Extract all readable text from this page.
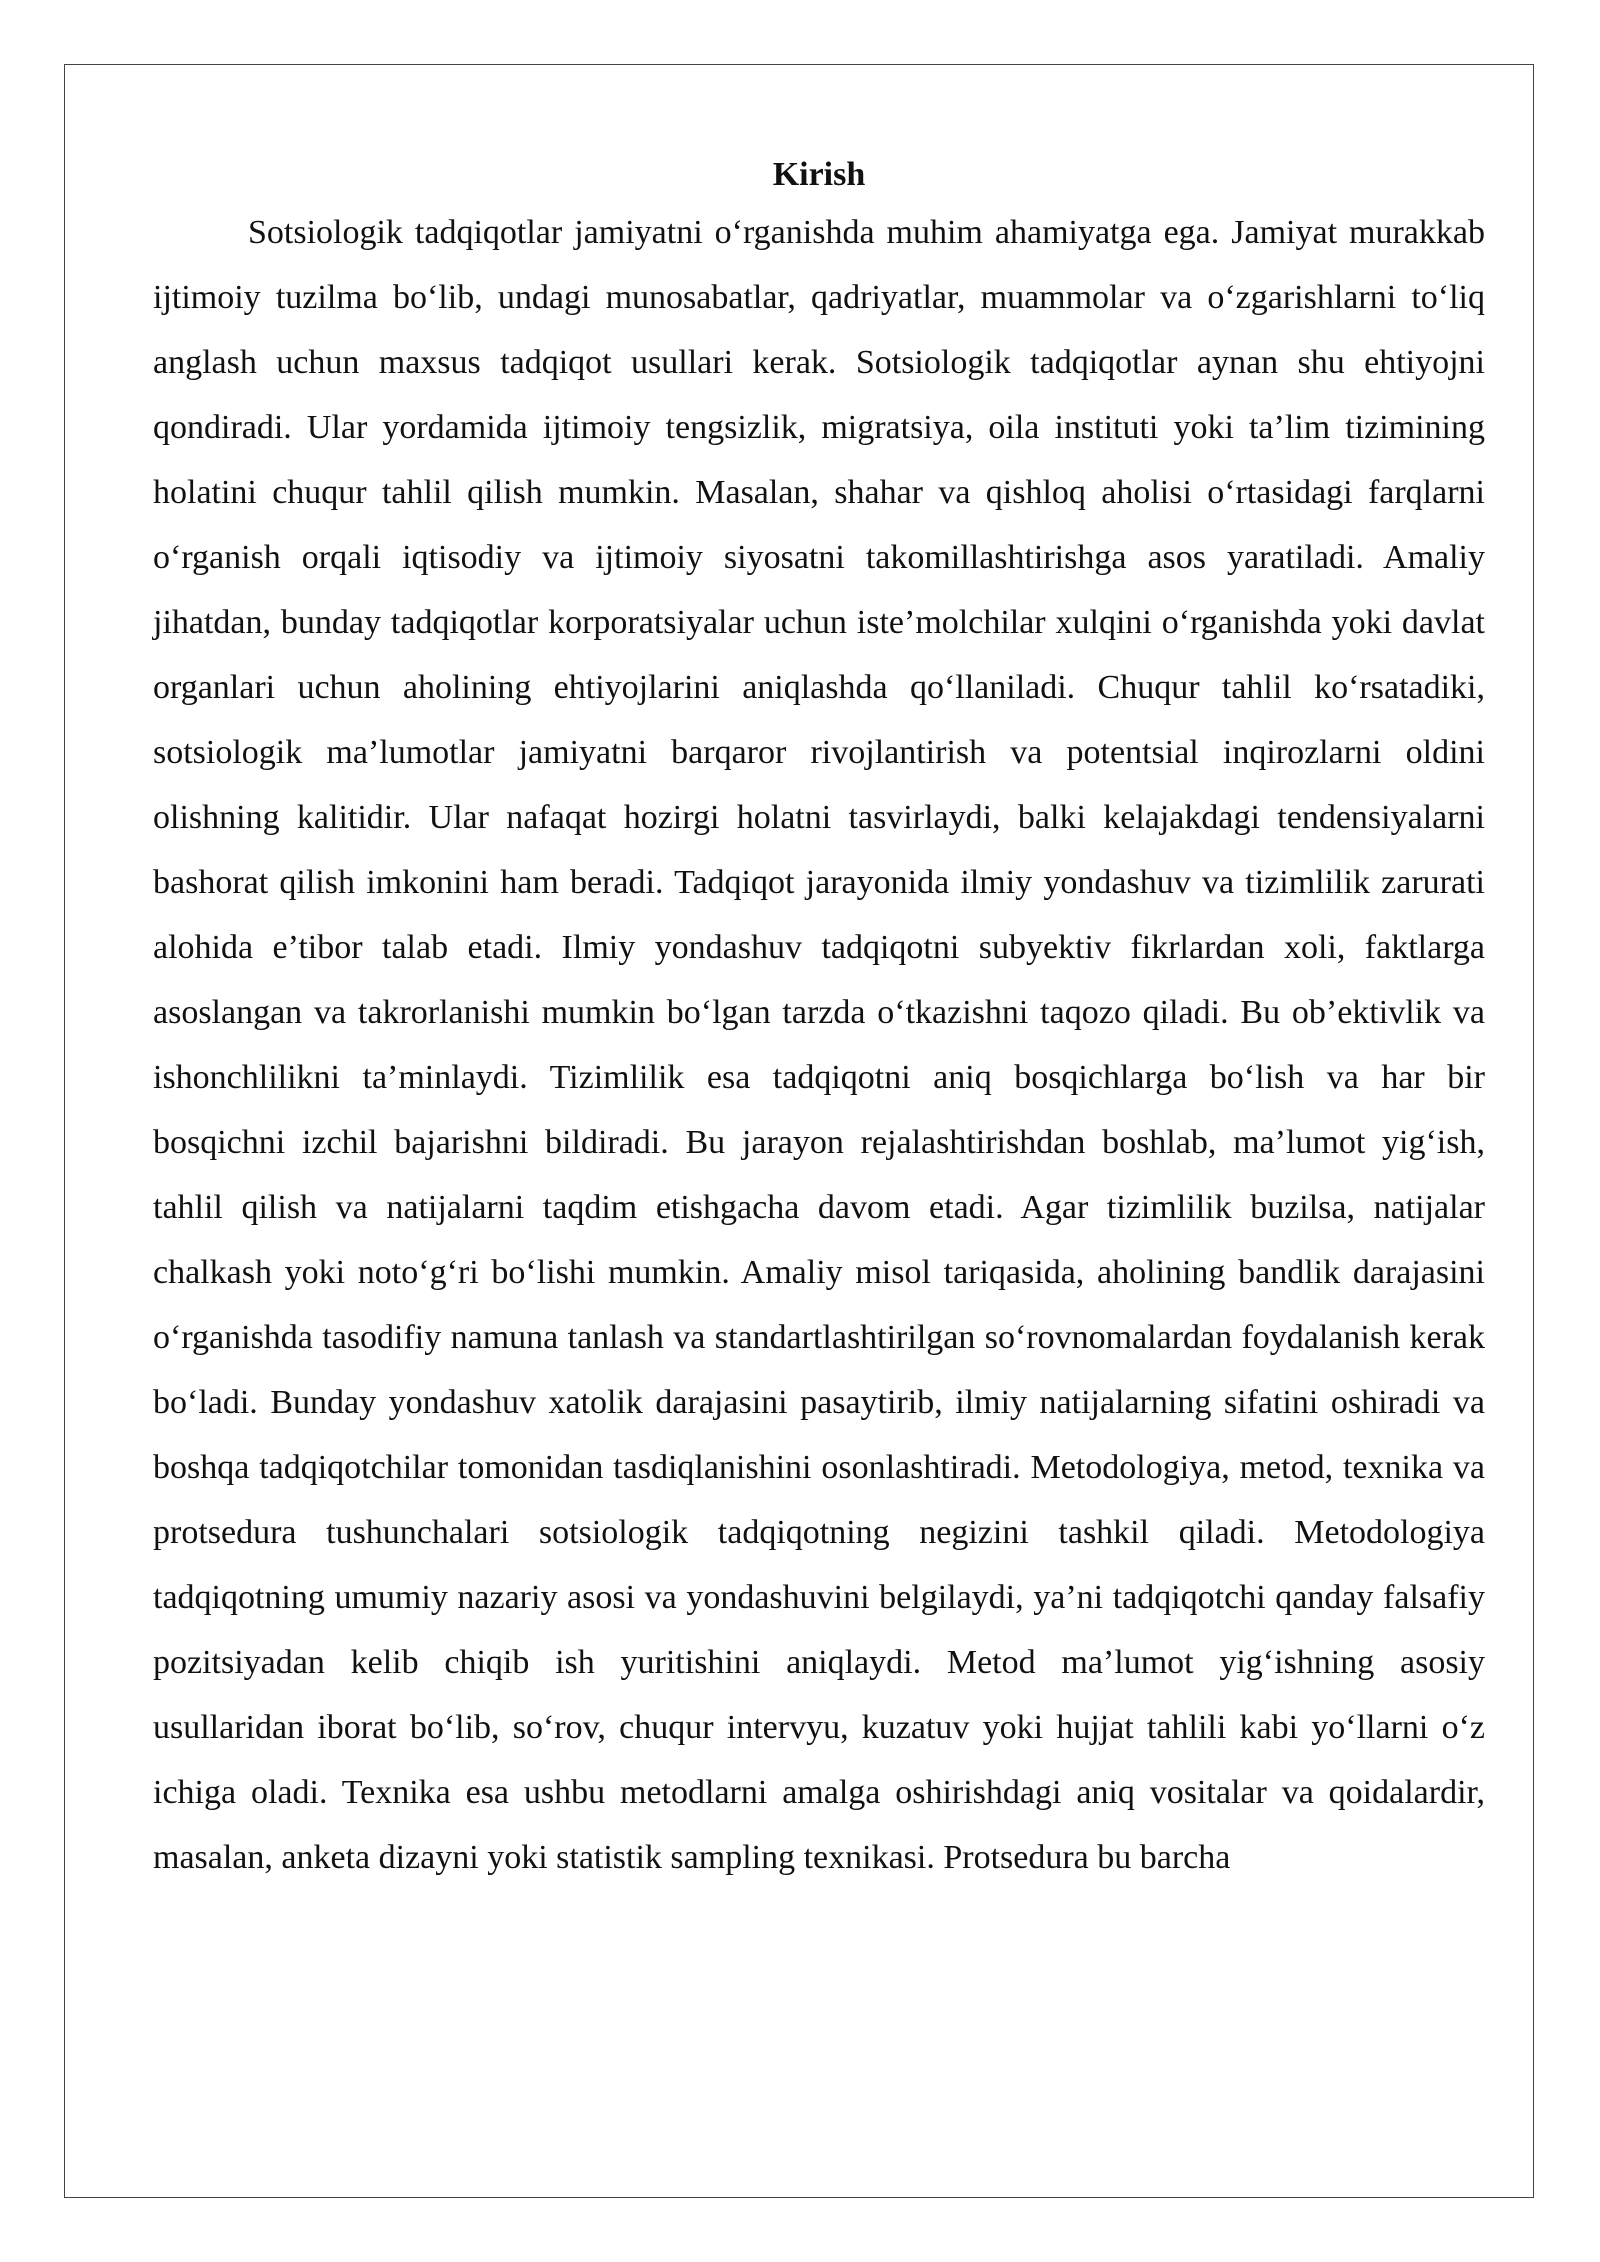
Kirish

Sotsiologik tadqiqotlar jamiyatni o‘rganishda muhim ahamiyatga ega. Jamiyat murakkab ijtimoiy tuzilma bo‘lib, undagi munosabatlar, qadriyatlar, muammolar va o‘zgarishlarni to‘liq anglash uchun maxsus tadqiqot usullari kerak. Sotsiologik tadqiqotlar aynan shu ehtiyojni qondiradi. Ular yordamida ijtimoiy tengsizlik, migratsiya, oila instituti yoki ta’lim tizimining holatini chuqur tahlil qilish mumkin. Masalan, shahar va qishloq aholisi o‘rtasidagi farqlarni o‘rganish orqali iqtisodiy va ijtimoiy siyosatni takomillashtirishga asos yaratiladi. Amaliy jihatdan, bunday tadqiqotlar korporatsiyalar uchun iste’molchilar xulqini o‘rganishda yoki davlat organlari uchun aholining ehtiyojlarini aniqlashda qo‘llaniladi. Chuqur tahlil ko‘rsatadiki, sotsiologik ma’lumotlar jamiyatni barqaror rivojlantirish va potentsial inqirozlarni oldini olishning kalitidir. Ular nafaqat hozirgi holatni tasvirlaydi, balki kelajakdagi tendensiyalarni bashorat qilish imkonini ham beradi. Tadqiqot jarayonida ilmiy yondashuv va tizimlilik zarurati alohida e’tibor talab etadi. Ilmiy yondashuv tadqiqotni subyektiv fikrlardan xoli, faktlarga asoslangan va takrorlanishi mumkin bo‘lgan tarzda o‘tkazishni taqozo qiladi. Bu ob’ektivlik va ishonchlilikni ta’minlaydi. Tizimlilik esa tadqiqotni aniq bosqichlarga bo‘lish va har bir bosqichni izchil bajarishni bildiradi. Bu jarayon rejalashtirishdan boshlab, ma’lumot yig‘ish, tahlil qilish va natijalarni taqdim etishgacha davom etadi. Agar tizimlilik buzilsa, natijalar chalkash yoki noto‘g‘ri bo‘lishi mumkin. Amaliy misol tariqasida, aholining bandlik darajasini o‘rganishda tasodifiy namuna tanlash va standartlashtirilgan so‘rovnomalardan foydalanish kerak bo‘ladi. Bunday yondashuv xatolik darajasini pasaytirib, ilmiy natijalarning sifatini oshiradi va boshqa tadqiqotchilar tomonidan tasdiqlanishini osonlashtiradi. Metodologiya, metod, texnika va protsedura tushunchalari sotsiologik tadqiqotning negizini tashkil qiladi. Metodologiya tadqiqotning umumiy nazariy asosi va yondashuvini belgilaydi, ya’ni tadqiqotchi qanday falsafiy pozitsiyadan kelib chiqib ish yuritishini aniqlaydi. Metod ma’lumot yig‘ishning asosiy usullaridan iborat bo‘lib, so‘rov, chuqur intervyu, kuzatuv yoki hujjat tahlili kabi yo‘llarni o‘z ichiga oladi. Texnika esa ushbu metodlarni amalga oshirishdagi aniq vositalar va qoidalardir, masalan, anketa dizayni yoki statistik sampling texnikasi. Protsedura bu barcha
